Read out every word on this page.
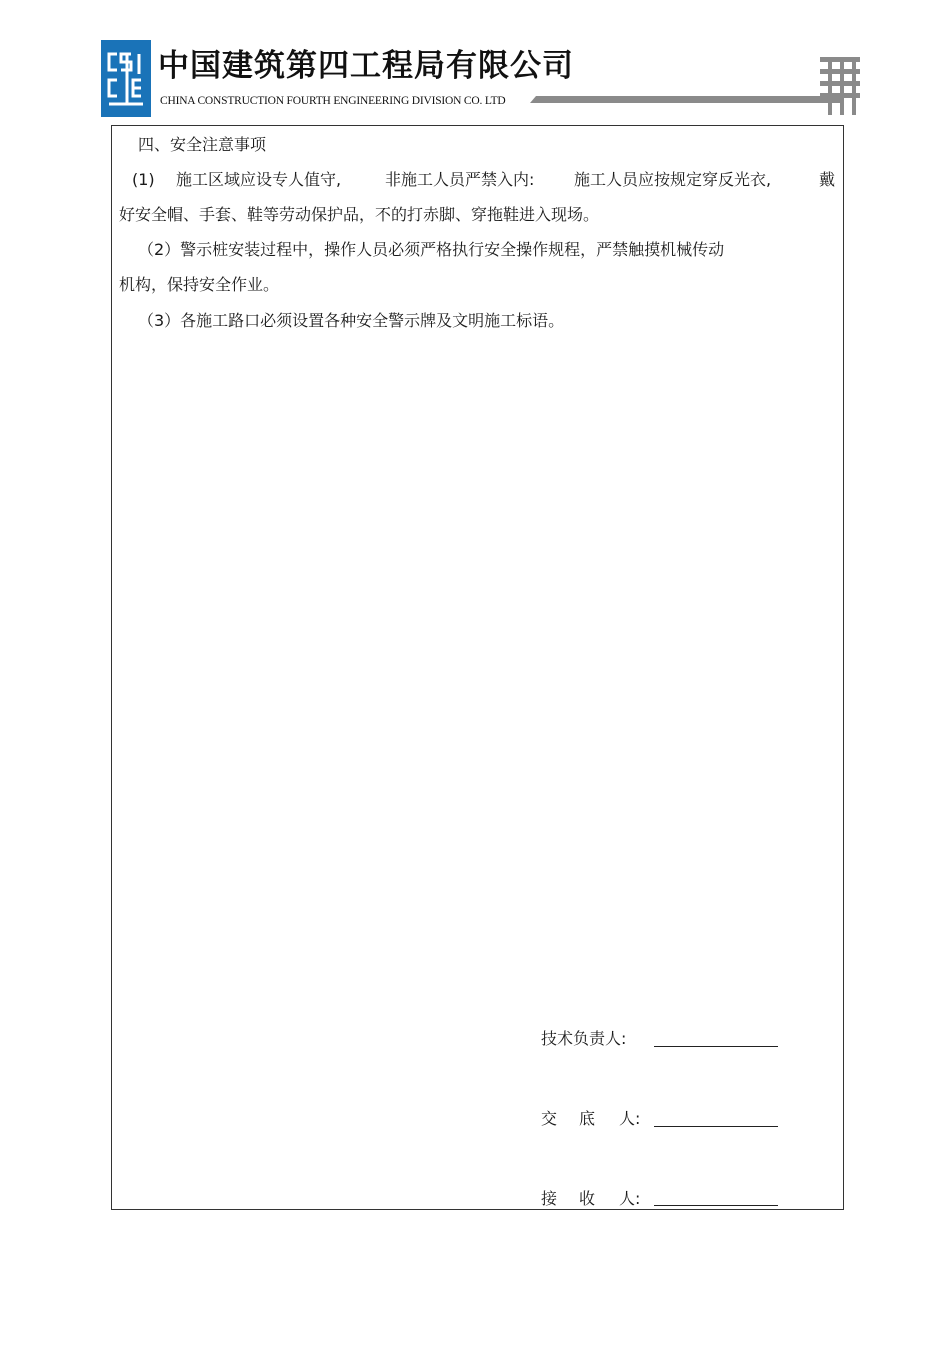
中国建筑第四工程局有限公司
CHINA CONSTRUCTION FOURTH ENGINEERING DIVISION CO. LTD
四、安全注意事项
(1) 施工区域应设专人值守,	非施工人员严禁入内: 施工人员应按规定穿反光衣,	戴
好安全帽、手套、鞋等劳动保护品，不的打赤脚、穿拖鞋进入现场。
（2）警示桩安装过程中，操作人员必须严格执行安全操作规程，严禁触摸机械传动
机构，保持安全作业。
（3）各施工路口必须设置各种安全警示牌及文明施工标语。
技术负责人:
交 底 人:
接 收 人:
